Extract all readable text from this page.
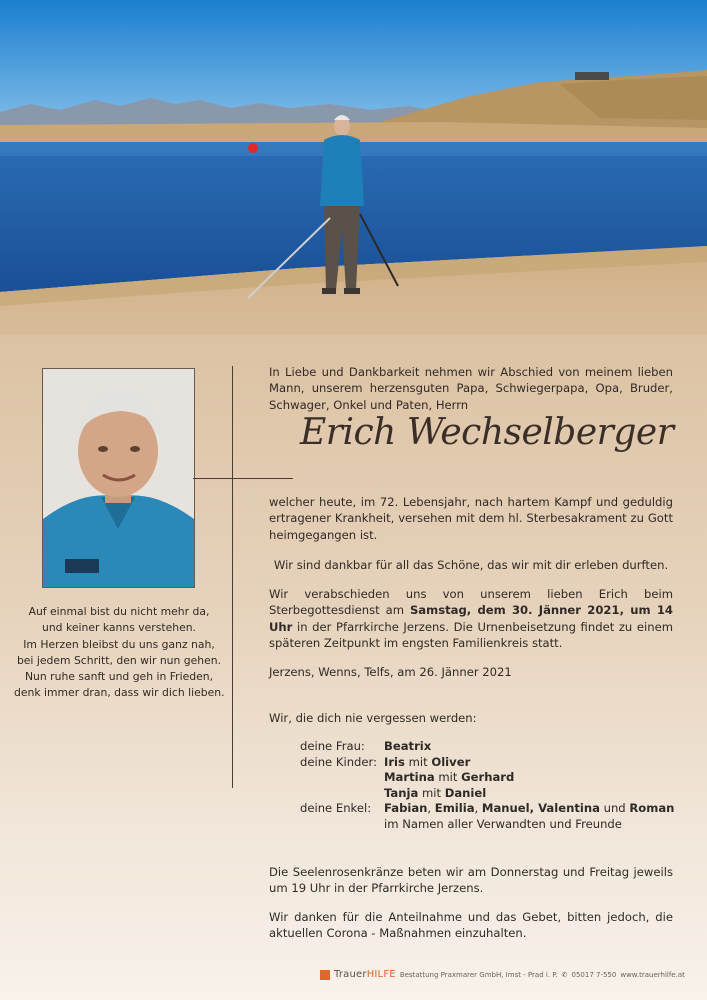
Auf einmal bist du nicht mehr da,
und keiner kanns verstehen.
Im Herzen bleibst du uns ganz nah,
bei jedem Schritt, den wir nun gehen.
Nun ruhe sanft und geh in Frieden,
denk immer dran, dass wir dich lieben.
In Liebe und Dankbarkeit nehmen wir Abschied von meinem lieben Mann, unserem herzensguten Papa, Schwiegerpapa, Opa, Bruder, Schwager, Onkel und Paten, Herrn
Erich Wechselberger
welcher heute, im 72. Lebensjahr, nach hartem Kampf und geduldig ertragener Krankheit, versehen mit dem hl. Sterbesakrament zu Gott heimgegangen ist.
Wir sind dankbar für all das Schöne, das wir mit dir erleben durften.
Wir verabschieden uns von unserem lieben Erich beim Sterbegottesdienst am Samstag, dem 30. Jänner 2021, um 14 Uhr in der Pfarrkirche Jerzens. Die Urnenbeisetzung findet zu einem späteren Zeitpunkt im engsten Familienkreis statt.
Jerzens, Wenns, Telfs, am 26. Jänner 2021
Wir, die dich nie vergessen werden:
deine Frau:	Beatrix
deine Kinder: Iris mit Oliver
Martina mit Gerhard
Tanja mit Daniel
deine Enkel:	Fabian, Emilia, Manuel, Valentina und Roman
im Namen aller Verwandten und Freunde
Die Seelenrosenkränze beten wir am Donnerstag und Freitag jeweils um 19 Uhr in der Pfarrkirche Jerzens.
Wir danken für die Anteilnahme und das Gebet, bitten jedoch, die aktuellen Corona - Maßnahmen einzuhalten.
TrauerHILFE Bestattung Praxmarer GmbH, Imst - Prad i. P. ✆ 05017 7-550 www.trauerhilfe.at
